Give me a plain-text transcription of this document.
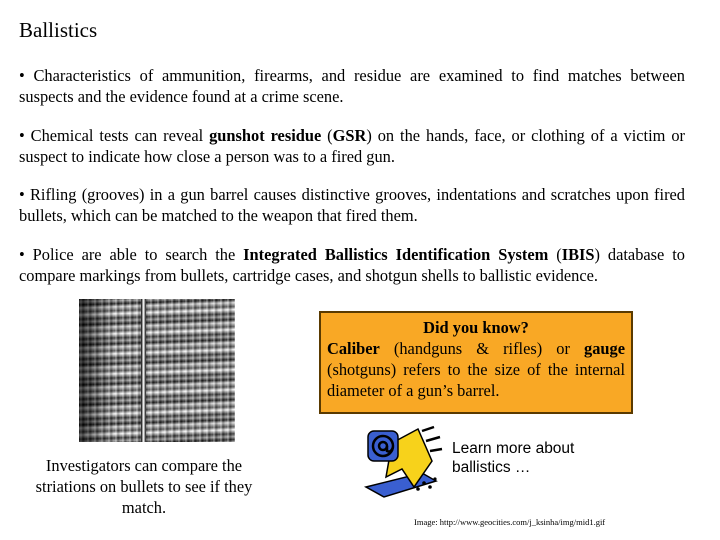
Ballistics

• Characteristics of ammunition, firearms, and residue are examined to find matches between suspects and the evidence found at a crime scene.

• Chemical tests can reveal gunshot residue (GSR) on the hands, face, or clothing of a victim or suspect to indicate how close a person was to a fired gun.

• Rifling (grooves) in a gun barrel causes distinctive grooves, indentations and scratches upon fired bullets, which can be matched to the weapon that fired them.

• Police are able to search the Integrated Ballistics Identification System (IBIS) database to compare markings from bullets, cartridge cases, and shotgun shells to ballistic evidence.

Investigators can compare the striations on bullets to see if they match.

Did you know?
Caliber (handguns & rifles) or gauge (shotguns) refers to the size of the internal diameter of a gun’s barrel.

Learn more about
ballistics …

Image: http://www.geocities.com/j_ksinha/img/mid1.gif
